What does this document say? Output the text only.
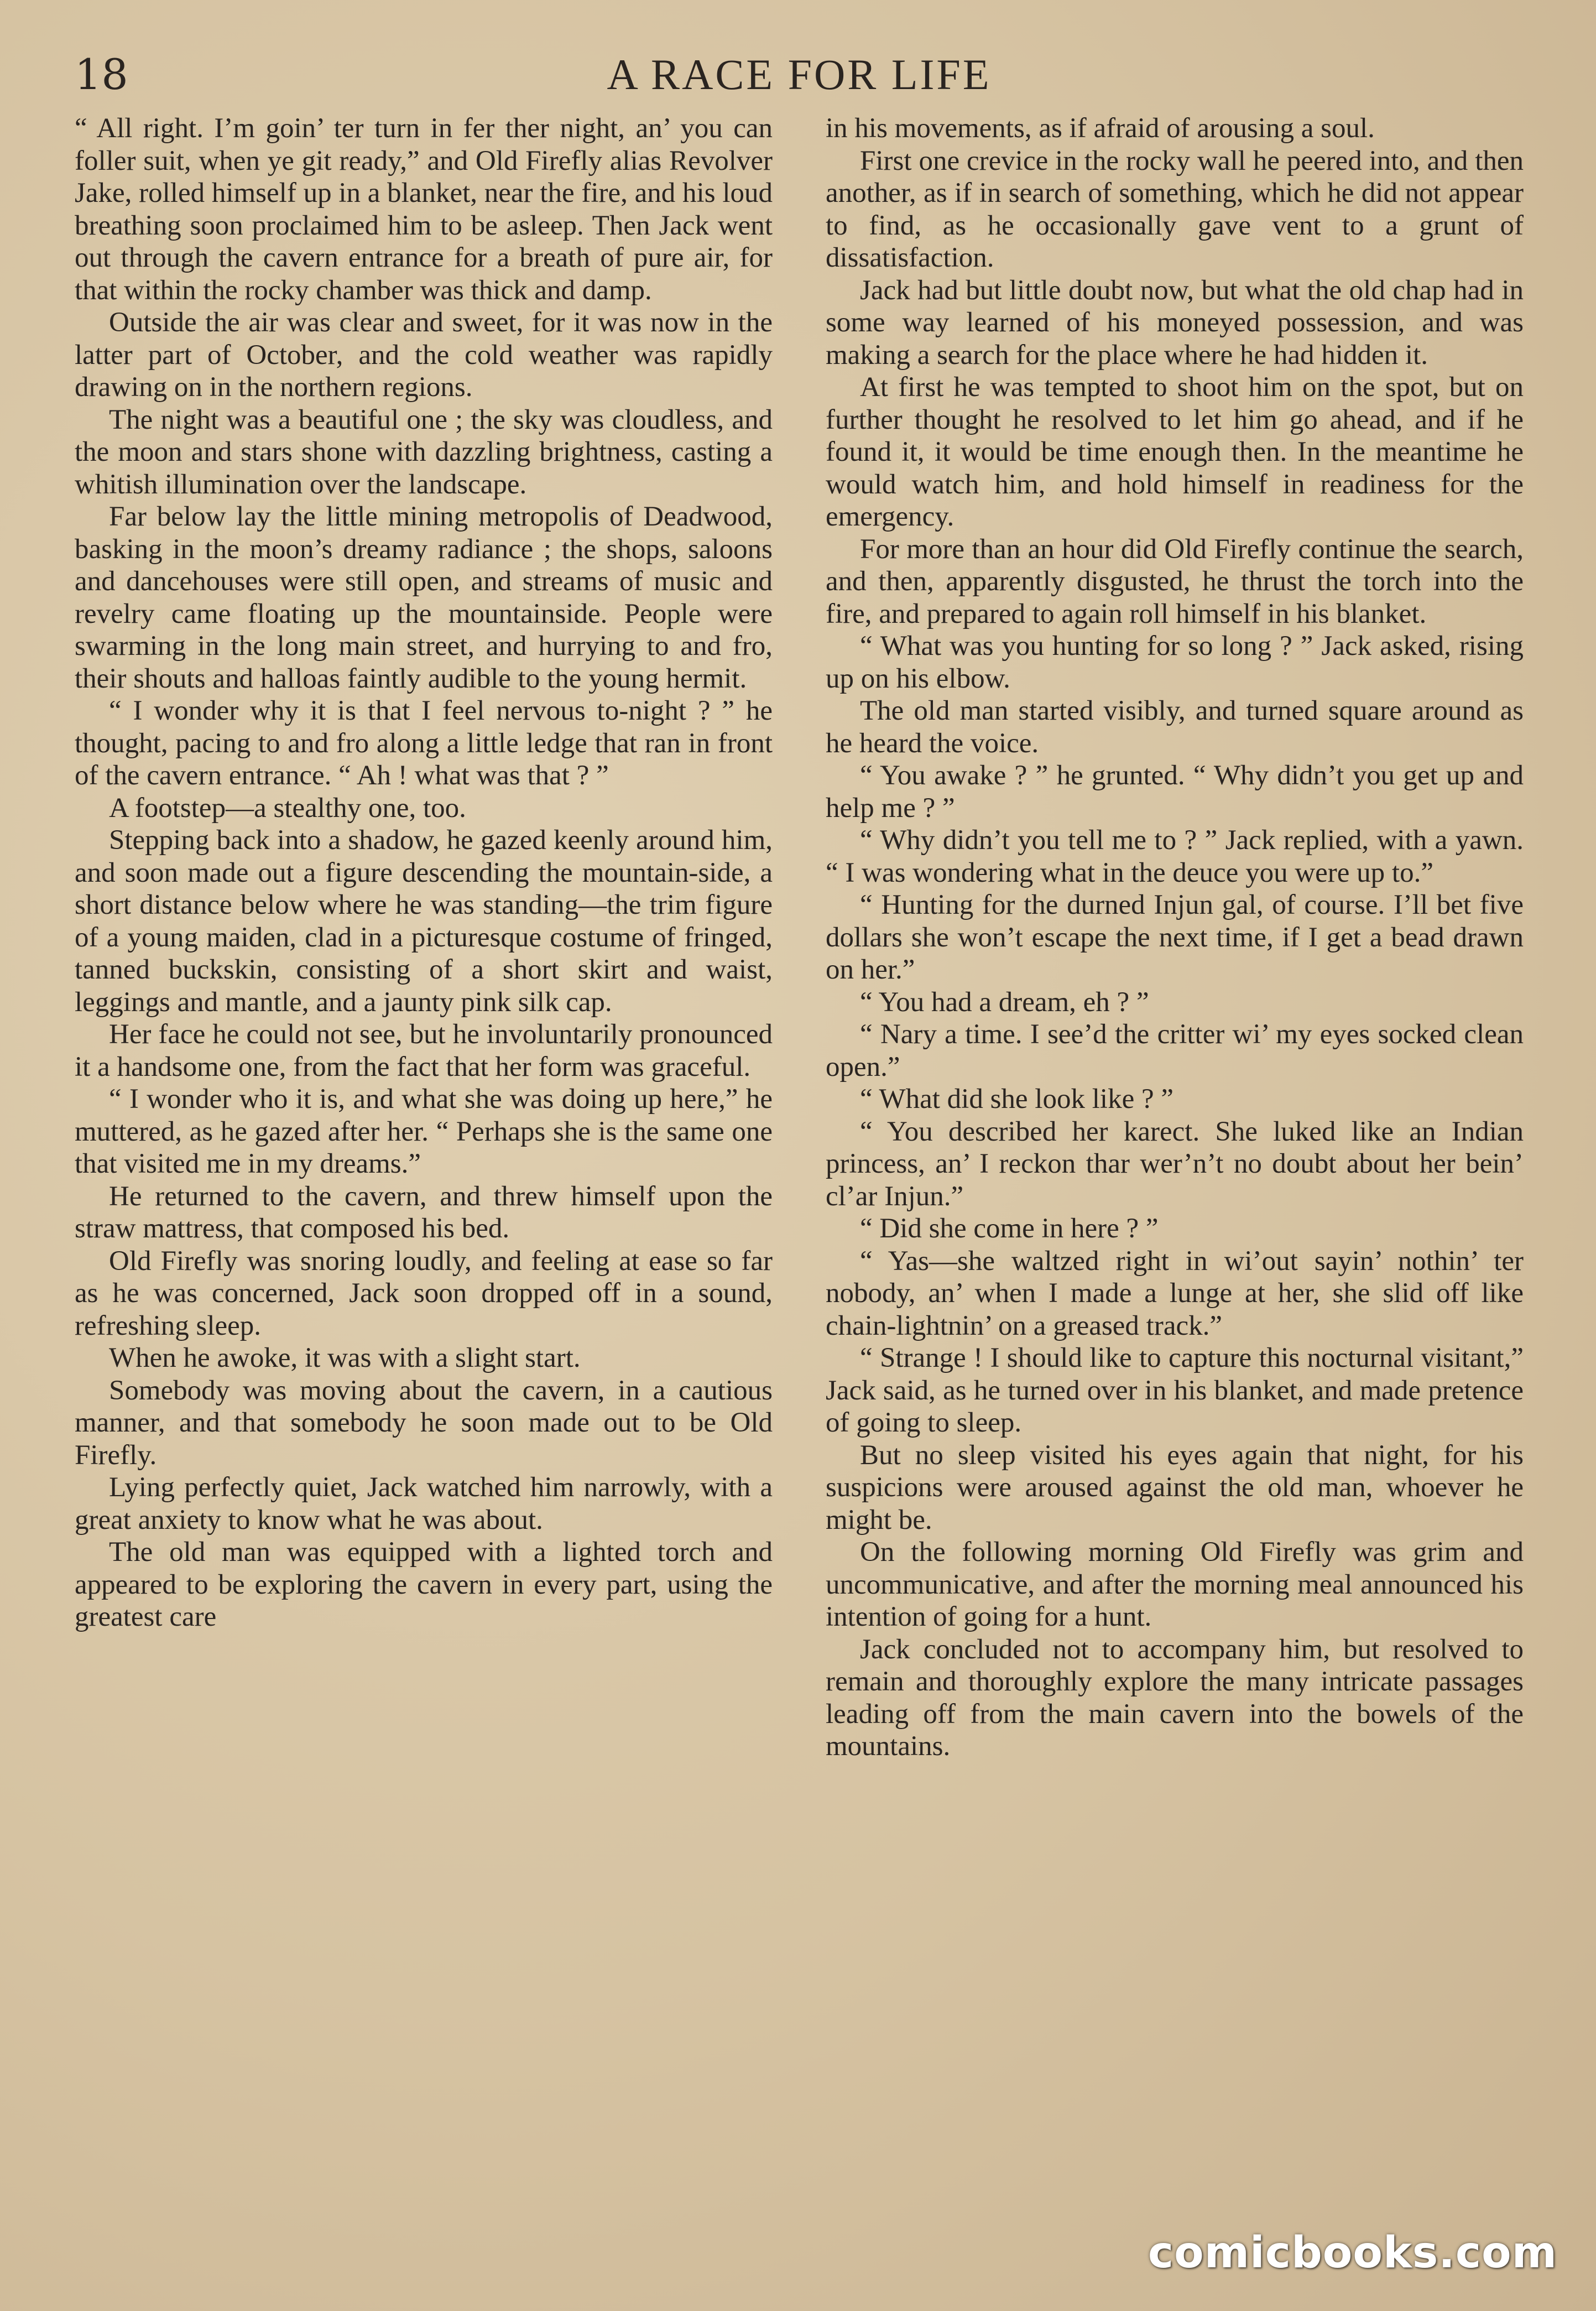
18	A RACE FOR LIFE

“ All right. I’m goin’ ter turn in fer ther night, an’ you can foller suit, when ye git ready,” and Old Firefly alias Revolver Jake, rolled himself up in a blanket, near the fire, and his loud breathing soon proclaimed him to be asleep. Then Jack went out through the cavern entrance for a breath of pure air, for that within the rocky chamber was thick and damp.

Outside the air was clear and sweet, for it was now in the latter part of October, and the cold weather was rapidly drawing on in the northern regions.

The night was a beautiful one ; the sky was cloudless, and the moon and stars shone with dazzling brightness, casting a whitish illumination over the landscape.

Far below lay the little mining metropolis of Deadwood, basking in the moon’s dreamy radiance ; the shops, saloons and dancehouses were still open, and streams of music and revelry came floating up the mountainside. People were swarming in the long main street, and hurrying to and fro, their shouts and halloas faintly audible to the young hermit.

“ I wonder why it is that I feel nervous to-night ? ” he thought, pacing to and fro along a little ledge that ran in front of the cavern entrance. “ Ah ! what was that ? ”

A footstep—a stealthy one, too.

Stepping back into a shadow, he gazed keenly around him, and soon made out a figure descending the mountain-side, a short distance below where he was standing—the trim figure of a young maiden, clad in a picturesque costume of fringed, tanned buckskin, consisting of a short skirt and waist, leggings and mantle, and a jaunty pink silk cap.

Her face he could not see, but he involuntarily pronounced it a handsome one, from the fact that her form was graceful.

“ I wonder who it is, and what she was doing up here,” he muttered, as he gazed after her. “ Perhaps she is the same one that visited me in my dreams.”

He returned to the cavern, and threw himself upon the straw mattress, that composed his bed.

Old Firefly was snoring loudly, and feeling at ease so far as he was concerned, Jack soon dropped off in a sound, refreshing sleep.

When he awoke, it was with a slight start.

Somebody was moving about the cavern, in a cautious manner, and that somebody he soon made out to be Old Firefly.

Lying perfectly quiet, Jack watched him narrowly, with a great anxiety to know what he was about.

The old man was equipped with a lighted torch and appeared to be exploring the cavern in every part, using the greatest care

in his movements, as if afraid of arousing a soul.

First one crevice in the rocky wall he peered into, and then another, as if in search of something, which he did not appear to find, as he occasionally gave vent to a grunt of dissatisfaction.

Jack had but little doubt now, but what the old chap had in some way learned of his moneyed possession, and was making a search for the place where he had hidden it.

At first he was tempted to shoot him on the spot, but on further thought he resolved to let him go ahead, and if he found it, it would be time enough then. In the meantime he would watch him, and hold himself in readiness for the emergency.

For more than an hour did Old Firefly continue the search, and then, apparently disgusted, he thrust the torch into the fire, and prepared to again roll himself in his blanket.

“ What was you hunting for so long ? ” Jack asked, rising up on his elbow.

The old man started visibly, and turned square around as he heard the voice.

“ You awake ? ” he grunted. “ Why didn’t you get up and help me ? ”

“ Why didn’t you tell me to ? ” Jack replied, with a yawn. “ I was wondering what in the deuce you were up to.”

“ Hunting for the durned Injun gal, of course. I’ll bet five dollars she won’t escape the next time, if I get a bead drawn on her.”

“ You had a dream, eh ? ”

“ Nary a time. I see’d the critter wi’ my eyes socked clean open.”

“ What did she look like ? ”

“ You described her karect. She luked like an Indian princess, an’ I reckon thar wer’n’t no doubt about her bein’ cl’ar Injun.”

“ Did she come in here ? ”

“ Yas—she waltzed right in wi’out sayin’ nothin’ ter nobody, an’ when I made a lunge at her, she slid off like chain-lightnin’ on a greased track.”

“ Strange ! I should like to capture this nocturnal visitant,” Jack said, as he turned over in his blanket, and made pretence of going to sleep.

But no sleep visited his eyes again that night, for his suspicions were aroused against the old man, whoever he might be.

On the following morning Old Firefly was grim and uncommunicative, and after the morning meal announced his intention of going for a hunt.

Jack concluded not to accompany him, but resolved to remain and thoroughly explore the many intricate passages leading off from the main cavern into the bowels of the mountains.

comicbooks.com
